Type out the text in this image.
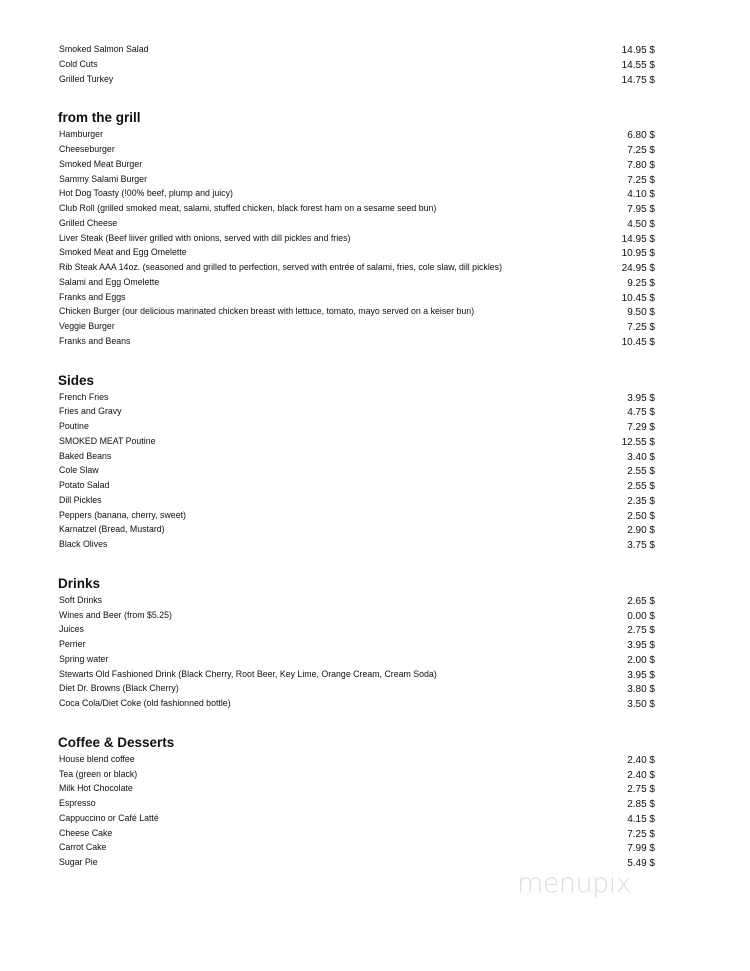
Smoked Salmon Salad	14.95 $
Cold Cuts	14.55 $
Grilled Turkey	14.75 $
from the grill
Hamburger	6.80 $
Cheeseburger	7.25 $
Smoked Meat Burger	7.80 $
Sammy Salami Burger	7.25 $
Hot Dog Toasty (!00% beef, plump and juicy)	4.10 $
Club Roll (grilled smoked meat, salami, stuffed chicken, black forest ham on a sesame seed bun)	7.95 $
Grilled Cheese	4.50 $
Liver Steak (Beef liiver grilled with onions, served with dill pickles and fries)	14.95 $
Smoked Meat and Egg Omelette	10.95 $
Rib Steak AAA 14oz. (seasoned and grilled to perfection, served with entrée of salami, fries, cole slaw, dill pickles)	24.95 $
Salami and Egg Omelette	9.25 $
Franks and Eggs	10.45 $
Chicken Burger (our delicious marinated chicken breast with lettuce, tomato, mayo served on a keiser bun)	9.50 $
Veggie Burger	7.25 $
Franks and Beans	10.45 $
Sides
French Fries	3.95 $
Fries and Gravy	4.75 $
Poutine	7.29 $
SMOKED MEAT Poutine	12.55 $
Baked Beans	3.40 $
Cole Slaw	2.55 $
Potato Salad	2.55 $
Dill Pickles	2.35 $
Peppers (banana, cherry, sweet)	2.50 $
Karnatzel (Bread, Mustard)	2.90 $
Black Olives	3.75 $
Drinks
Soft Drinks	2.65 $
Wines and Beer (from $5.25)	0.00 $
Juices	2.75 $
Perrier	3.95 $
Spring water	2.00 $
Stewarts Old Fashioned Drink (Black Cherry, Root Beer, Key Lime, Orange Cream, Cream Soda)	3.95 $
Diet Dr. Browns (Black Cherry)	3.80 $
Coca Cola/Diet Coke (old fashionned bottle)	3.50 $
Coffee & Desserts
House blend coffee	2.40 $
Tea (green or black)	2.40 $
Milk Hot Chocolate	2.75 $
Espresso	2.85 $
Cappuccino or Café Latté	4.15 $
Cheese Cake	7.25 $
Carrot Cake	7.99 $
Sugar Pie	5.49 $
menupix
